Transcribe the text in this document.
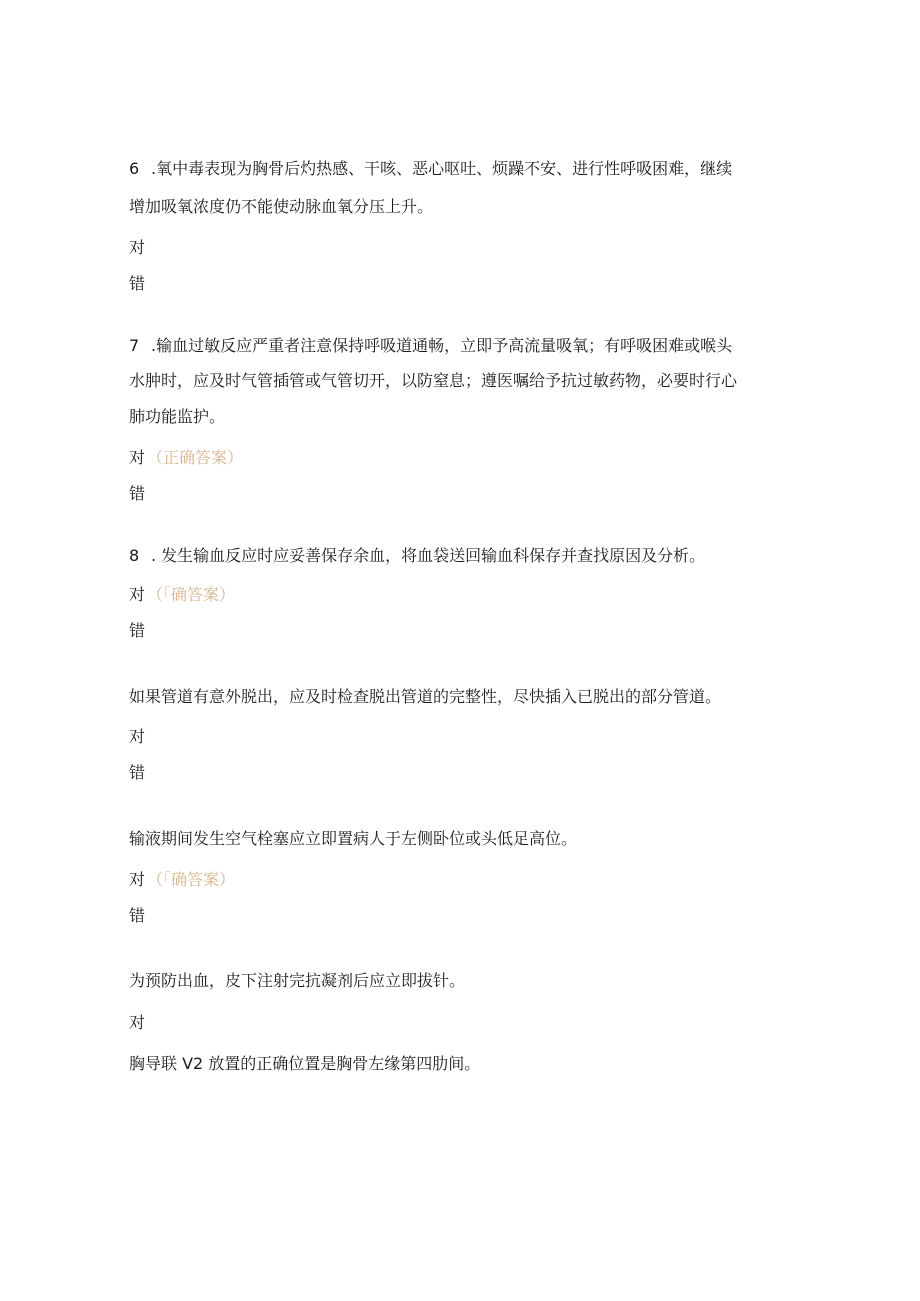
6 .氧中毒表现为胸骨后灼热感、干咳、恶心呕吐、烦躁不安、进行性呼吸困难，继续
增加吸氧浓度仍不能使动脉血氧分压上升。
对
错
7 .输血过敏反应严重者注意保持呼吸道通畅，立即予高流量吸氧；有呼吸困难或喉头
水肿时，应及时气管插管或气管切开，以防窒息；遵医嘱给予抗过敏药物，必要时行心
肺功能监护。
对 （正确答案）
错
8 . 发生输血反应时应妥善保存余血，将血袋送回输血科保存并查找原因及分析。
对 （「确答案）
错
如果管道有意外脱出，应及时检查脱出管道的完整性，尽快插入已脱出的部分管道。
对
错
输液期间发生空气栓塞应立即置病人于左侧卧位或头低足高位。
对 （「确答案）
错
为预防出血，皮下注射完抗凝剂后应立即拔针。
对
胸导联 V2 放置的正确位置是胸骨左缘第四肋间。
